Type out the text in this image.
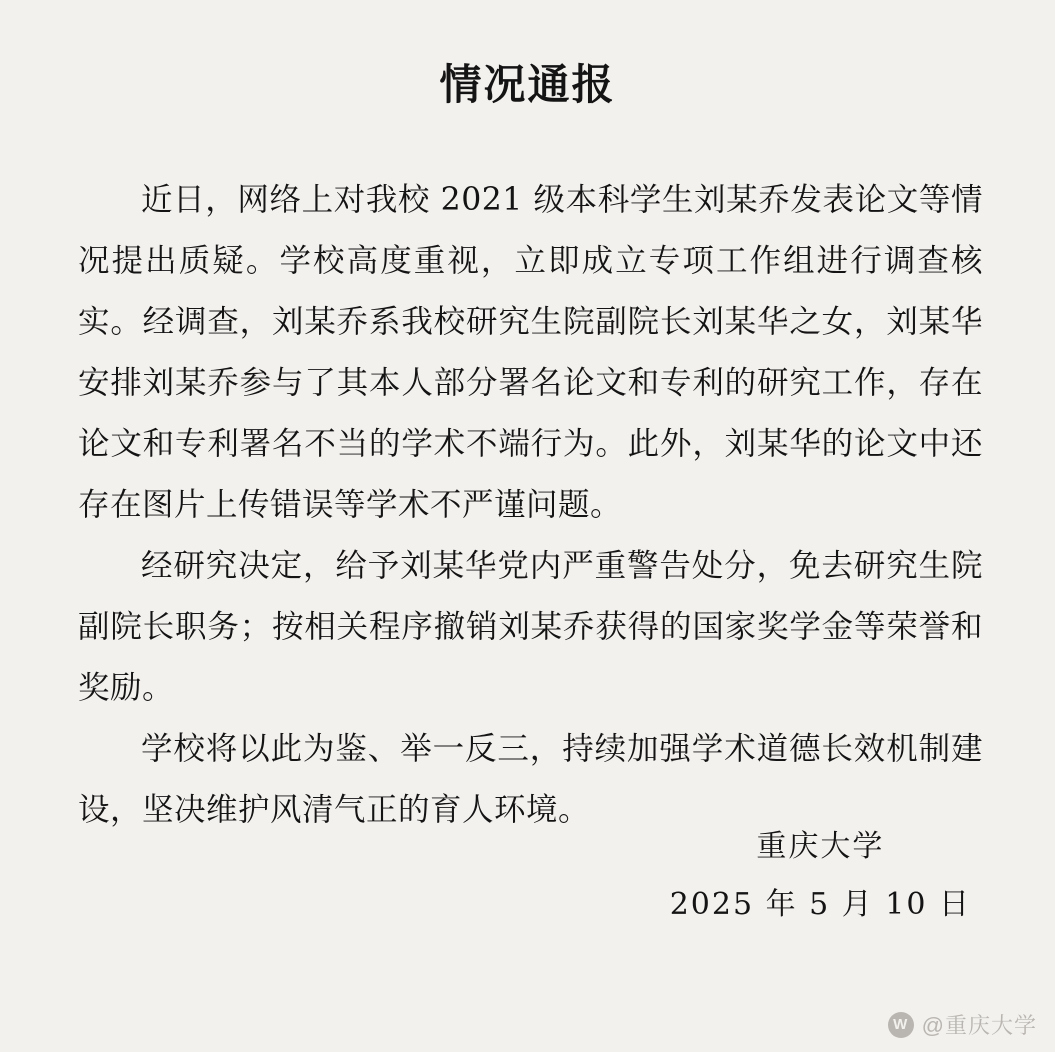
情况通报

近日，网络上对我校 2021 级本科学生刘某乔发表论文等情况提出质疑。学校高度重视，立即成立专项工作组进行调查核实。经调查，刘某乔系我校研究生院副院长刘某华之女，刘某华安排刘某乔参与了其本人部分署名论文和专利的研究工作，存在论文和专利署名不当的学术不端行为。此外，刘某华的论文中还存在图片上传错误等学术不严谨问题。

经研究决定，给予刘某华党内严重警告处分，免去研究生院副院长职务；按相关程序撤销刘某乔获得的国家奖学金等荣誉和奖励。

学校将以此为鉴、举一反三，持续加强学术道德长效机制建设，坚决维护风清气正的育人环境。

重庆大学
2025 年 5 月 10 日
W @重庆大学
